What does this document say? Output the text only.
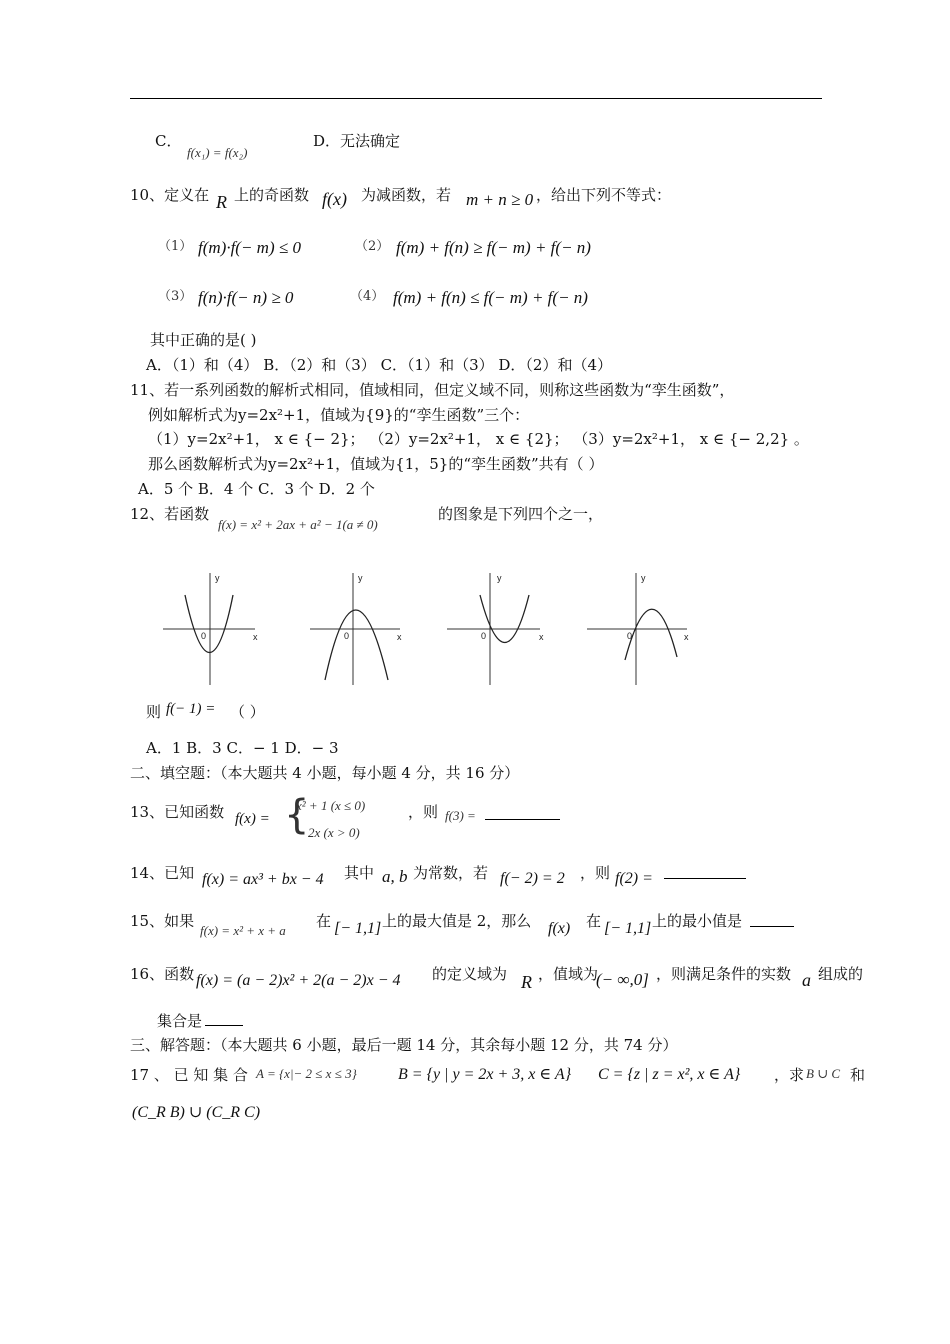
C．
f(x₁) = f(x₂)
D．无法确定
10、定义在 R 上的奇函数 f(x) 为减函数，若 m + n ≥ 0 ，给出下列不等式：
（1） f(m)·f(− m) ≤ 0	（2） f(m) + f(n) ≥ f(− m) + f(− n)
（3） f(n)·f(− n) ≥ 0	（4） f(m) + f(n) ≤ f(− m) + f(− n)
其中正确的是( )
A．（1）和（4） B．（2）和（3） C．（1）和（3） D．（2）和（4）
11、若一系列函数的解析式相同，值域相同，但定义域不同，则称这些函数为“孪生函数”，
例如解析式为y=2x²+1，值域为{9}的“孪生函数”三个：
（1）y=2x²+1， x ∈ {− 2}； （2）y=2x²+1， x ∈ {2}； （3）y=2x²+1， x ∈ {− 2,2} 。
那么函数解析式为y=2x²+1，值域为{1，5}的“孪生函数”共有（ ）
A．5 个 B．4 个 C．3 个 D．2 个
12、若函数
f(x) = x² + 2ax + a² − 1(a ≠ 0)
的图象是下列四个之一，
y
x
0
y
x
0
y
x
0
y
x
0
则 f(− 1) = （ ）
A．1 B．3 C．− 1 D．− 3
二、填空题：（本大题共 4 小题，每小题 4 分，共 16 分）
13、已知函数 f(x) = {
x² + 1 (x ≤ 0)
− 2x (x > 0)
，则 f(3) =
14、已知 f(x) = ax³ + bx − 4 其中 a, b 为常数，若 f(− 2) = 2 ，则 f(2) =
15、如果
f(x) = x² + x + a
在 [− 1,1] 上的最大值是 2，那么 f(x) 在 [− 1,1] 上的最小值是
16、函数 f(x) = (a − 2)x² + 2(a − 2)x − 4 的定义域为 R ，值域为
(− ∞,0] ，则满足条件的实数 a 组成的
集合是
三、解答题：（本大题共 6 小题，最后一题 14 分，其余每小题 12 分，共 74 分）
17 、 已 知 集 合 A = {x|− 2 ≤ x ≤ 3}	B = {y | y = 2x + 3, x ∈ A} C = {z | z = x², x ∈ A} ，求 B ∪ C 和
(C_R B) ∪ (C_R C)
